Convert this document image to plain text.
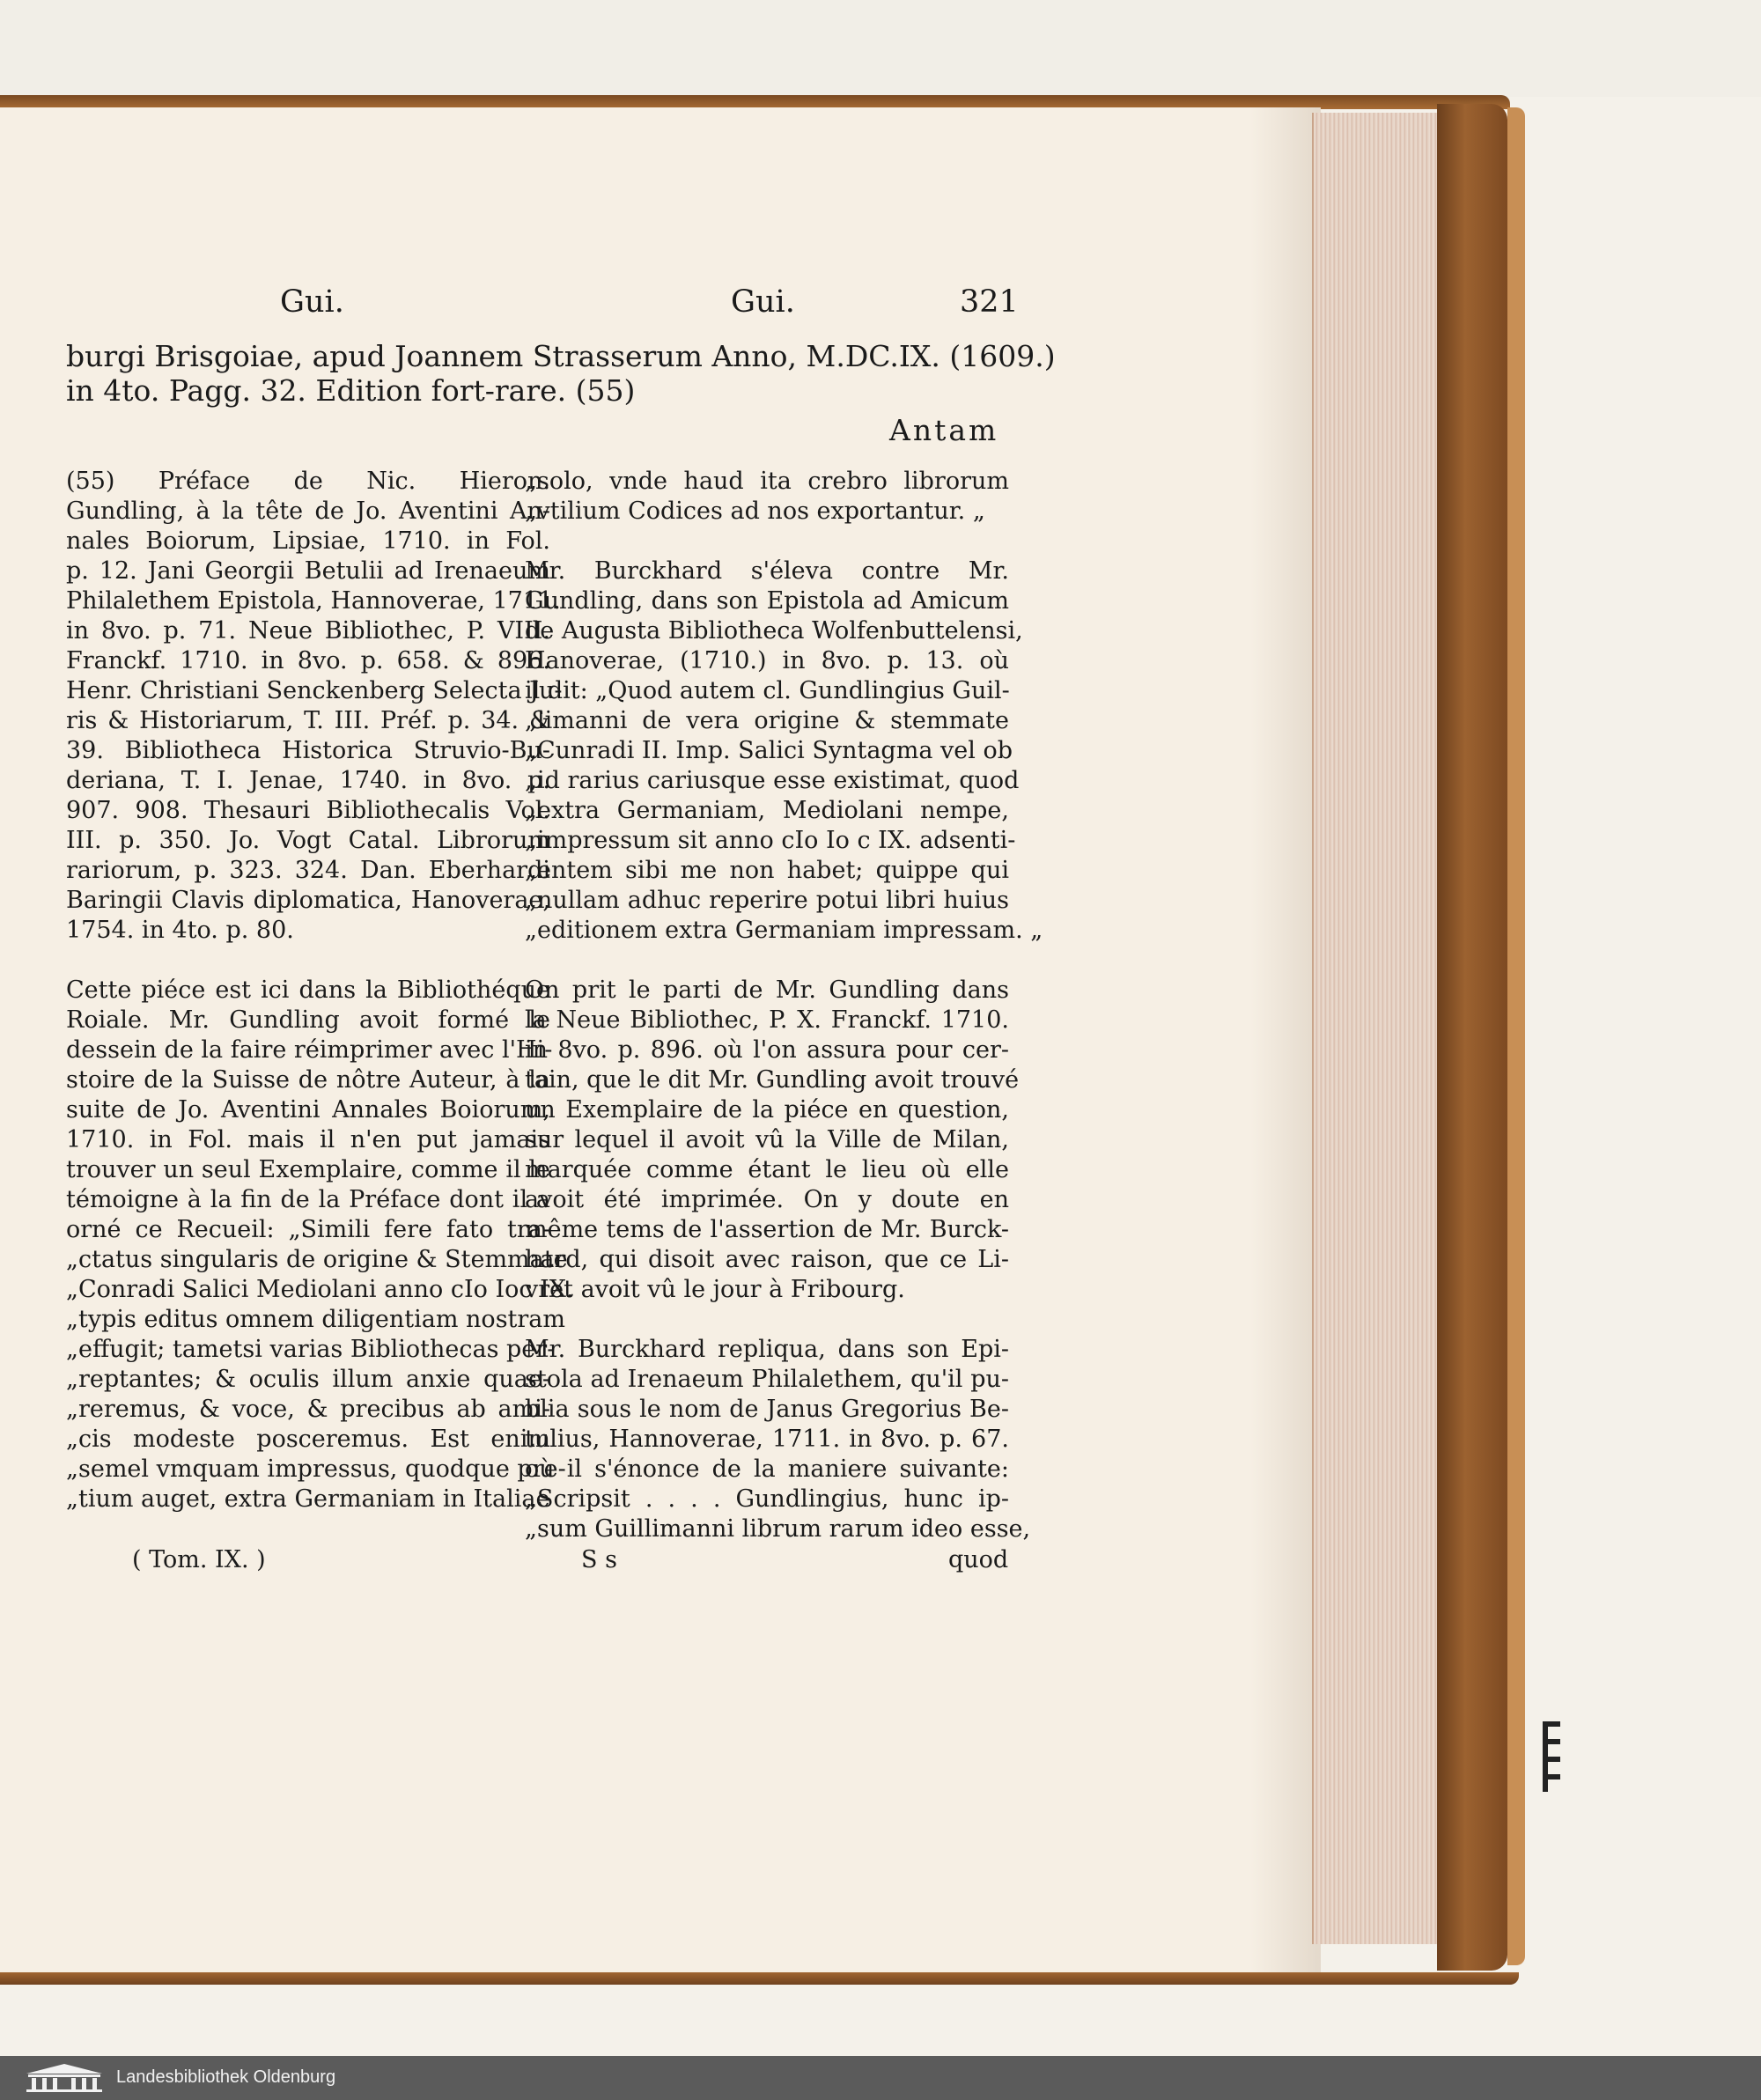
Gui.	Gui.	321
burgi Brisgoiae, apud Joannem Strasserum Anno, M.DC.IX. (1609.)
in 4to. Pagg. 32. Edition fort-rare. (55)
Antam
(55) Préface de Nic. Hieron.
Gundling, à la tête de Jo. Aventini An-
nales Boiorum, Lipsiae, 1710. in Fol.
p. 12. Jani Georgii Betulii ad Irenaeum
Philalethem Epistola, Hannoverae, 1711.
in 8vo. p. 71. Neue Bibliothec, P. VIII.
Franckf. 1710. in 8vo. p. 658. & 896.
Henr. Christiani Senckenberg Selecta Ju-
ris & Historiarum, T. III. Préf. p. 34. &
39. Bibliotheca Historica Struvio-Bu-
deriana, T. I. Jenae, 1740. in 8vo. p.
907. 908. Thesauri Bibliothecalis Vol.
III. p. 350. Jo. Vogt Catal. Librorum
rariorum, p. 323. 324. Dan. Eberhardi
Baringii Clavis diplomatica, Hanoverae,
1754. in 4to. p. 80.
Cette piéce est ici dans la Bibliothéque
Roiale. Mr. Gundling avoit formé le
dessein de la faire réimprimer avec l'Hi-
stoire de la Suisse de nôtre Auteur, à la
suite de Jo. Aventini Annales Boiorum,
1710. in Fol. mais il n'en put jamais
trouver un seul Exemplaire, comme il le
témoigne à la fin de la Préface dont il a
orné ce Recueil: „Simili fere fato tra-
„ctatus singularis de origine & Stemmate
„Conradi Salici Mediolani anno cIo Ioc IX.
„typis editus omnem diligentiam nostram
„effugit; tametsi varias Bibliothecas per-
„reptantes; & oculis illum anxie quae-
„reremus, & voce, & precibus ab ami-
„cis modeste posceremus. Est enim
„semel vmquam impressus, quodque pre-
„tium auget, extra Germaniam in Italiae
„solo, vnde haud ita crebro librorum
„vtilium Codices ad nos exportantur. „
Mr. Burckhard s'éleva contre Mr.
Gundling, dans son Epistola ad Amicum
de Augusta Bibliotheca Wolfenbuttelensi,
Hanoverae, (1710.) in 8vo. p. 13. où
il dit: „Quod autem cl. Gundlingius Guil-
„limanni de vera origine & stemmate
„Cunradi II. Imp. Salici Syntagma vel ob
„id rarius cariusque esse existimat, quod
„extra Germaniam, Mediolani nempe,
„impressum sit anno cIo Io c IX. adsenti-
„entem sibi me non habet; quippe qui
„nullam adhuc reperire potui libri huius
„editionem extra Germaniam impressam. „
On prit le parti de Mr. Gundling dans
la Neue Bibliothec, P. X. Franckf. 1710.
in 8vo. p. 896. où l'on assura pour cer-
tain, que le dit Mr. Gundling avoit trouvé
un Exemplaire de la piéce en question,
sur lequel il avoit vû la Ville de Milan,
marquée comme étant le lieu où elle
avoit été imprimée. On y doute en
même tems de l'assertion de Mr. Burck-
hard, qui disoit avec raison, que ce Li-
vret avoit vû le jour à Fribourg.
Mr. Burckhard repliqua, dans son Epi-
stola ad Irenaeum Philalethem, qu'il pu-
blia sous le nom de Janus Gregorius Be-
tulius, Hannoverae, 1711. in 8vo. p. 67.
où il s'énonce de la maniere suivante:
„Scripsit . . . . Gundlingius, hunc ip-
„sum Guillimanni librum rarum ideo esse,
( Tom. IX. )	S s	quod
Landesbibliothek Oldenburg
